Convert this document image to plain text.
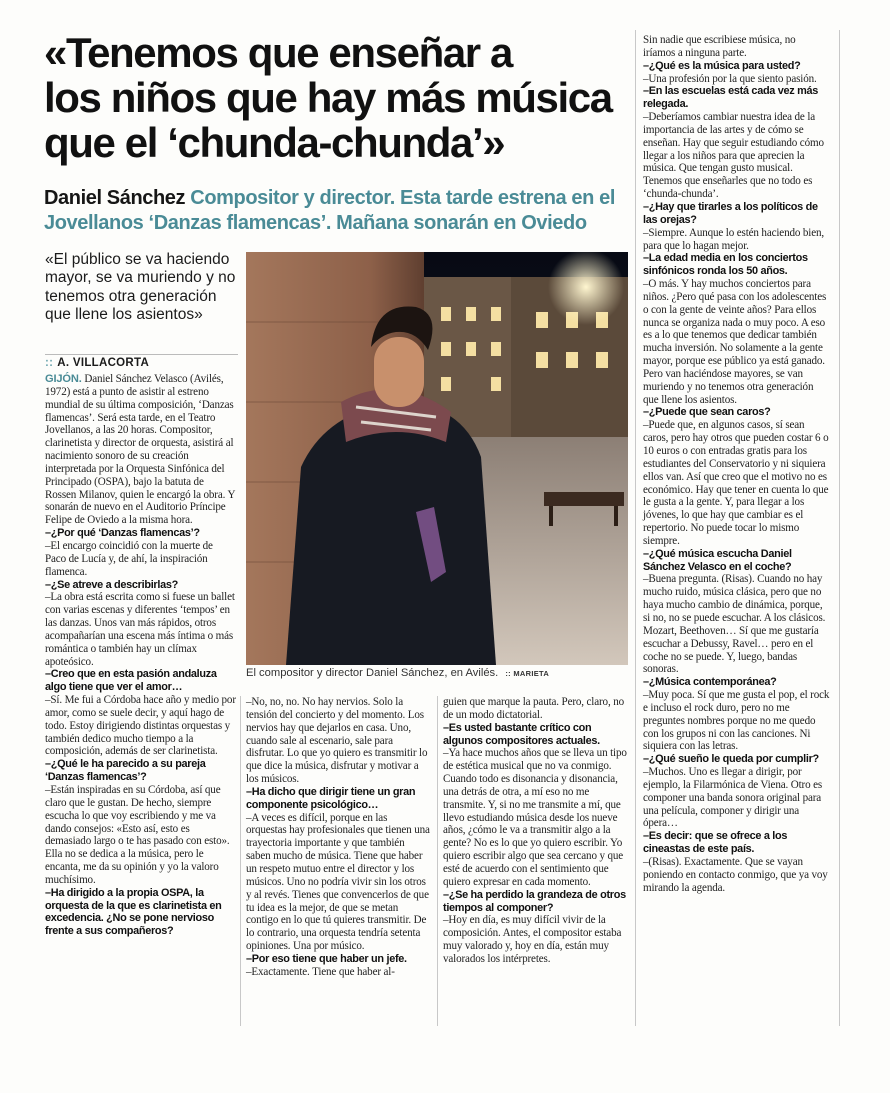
«Tenemos que enseñar a
los niños que hay más música
que el ‘chunda-chunda’»
Daniel Sánchez Compositor y director. Esta tarde estrena en el Jovellanos ‘Danzas flamencas’. Mañana sonarán en Oviedo
«El público se va haciendo mayor, se va muriendo y no tenemos otra generación que llene los asientos»
:: A. VILLACORTA
GIJÓN. Daniel Sánchez Velasco (Avilés, 1972) está a punto de asistir al estreno mundial de su última composición, ‘Danzas flamencas’. Será esta tarde, en el Teatro Jovellanos, a las 20 horas. Compositor, clarinetista y director de orquesta, asistirá al nacimiento sonoro de su creación interpretada por la Orquesta Sinfónica del Principado (OSPA), bajo la batuta de Rossen Milanov, quien le encargó la obra. Y sonarán de nuevo en el Auditorio Príncipe Felipe de Oviedo a la misma hora.
–¿Por qué ‘Danzas flamencas’?
–El encargo coincidió con la muerte de Paco de Lucía y, de ahí, la inspiración flamenca.
–¿Se atreve a describirlas?
–La obra está escrita como si fuese un ballet con varias escenas y diferentes ‘tempos’ en las danzas. Unos van más rápidos, otros acompañarían una escena más íntima o más romántica o también hay un clímax apoteósico.
–Creo que en esta pasión andaluza algo tiene que ver el amor…
–Sí. Me fui a Córdoba hace año y medio por amor, como se suele decir, y aquí hago de todo. Estoy dirigiendo distintas orquestas y también dedico mucho tiempo a la composición, además de ser clarinetista.
–¿Qué le ha parecido a su pareja ‘Danzas flamencas’?
–Están inspiradas en su Córdoba, así que claro que le gustan. De hecho, siempre escucha lo que voy escribiendo y me va dando consejos: «Esto así, esto es demasiado largo o te has pasado con esto». Ella no se dedica a la música, pero le encanta, me da su opinión y yo la valoro muchísimo.
–Ha dirigido a la propia OSPA, la orquesta de la que es clarinetista en excedencia. ¿No se pone nervioso frente a sus compañeros?
El compositor y director Daniel Sánchez, en Avilés. :: MARIETA
–No, no, no. No hay nervios. Solo la tensión del concierto y del momento. Los nervios hay que dejarlos en casa. Uno, cuando sale al escenario, sale para disfrutar. Lo que yo quiero es transmitir lo que dice la música, disfrutar y motivar a los músicos.
–Ha dicho que dirigir tiene un gran componente psicológico…
–A veces es difícil, porque en las orquestas hay profesionales que tienen una trayectoria importante y que también saben mucho de música. Tiene que haber un respeto mutuo entre el director y los músicos. Uno no podría vivir sin los otros y al revés. Tienes que convencerlos de que tu idea es la mejor, de que se metan contigo en lo que tú quieres transmitir. De lo contrario, una orquesta tendría setenta opiniones. Una por músico.
–Por eso tiene que haber un jefe.
–Exactamente. Tiene que haber al-
guien que marque la pauta. Pero, claro, no de un modo dictatorial.
–Es usted bastante crítico con algunos compositores actuales.
–Ya hace muchos años que se lleva un tipo de estética musical que no va conmigo. Cuando todo es disonancia y disonancia, una detrás de otra, a mí eso no me transmite. Y, si no me transmite a mí, que llevo estudiando música desde los nueve años, ¿cómo le va a transmitir algo a la gente? No es lo que yo quiero escribir. Yo quiero escribir algo que sea cercano y que esté de acuerdo con el sentimiento que quiero expresar en cada momento.
–¿Se ha perdido la grandeza de otros tiempos al componer?
–Hoy en día, es muy difícil vivir de la composición. Antes, el compositor estaba muy valorado y, hoy en día, están muy valorados los intérpretes.
Sin nadie que escribiese música, no iríamos a ninguna parte.
–¿Qué es la música para usted?
–Una profesión por la que siento pasión.
–En las escuelas está cada vez más relegada.
–Deberíamos cambiar nuestra idea de la importancia de las artes y de cómo se enseñan. Hay que seguir estudiando cómo llegar a los niños para que aprecien la música. Que tengan gusto musical. Tenemos que enseñarles que no todo es ‘chunda-chunda’.
–¿Hay que tirarles a los políticos de las orejas?
–Siempre. Aunque lo estén haciendo bien, para que lo hagan mejor.
–La edad media en los conciertos sinfónicos ronda los 50 años.
–O más. Y hay muchos conciertos para niños. ¿Pero qué pasa con los adolescentes o con la gente de veinte años? Para ellos nunca se organiza nada o muy poco. A eso es a lo que tenemos que dedicar también mucha inversión. No solamente a la gente mayor, porque ese público ya está ganado. Pero van haciéndose mayores, se van muriendo y no tenemos otra generación que llene los asientos.
–¿Puede que sean caros?
–Puede que, en algunos casos, sí sean caros, pero hay otros que pueden costar 6 o 10 euros o con entradas gratis para los estudiantes del Conservatorio y ni siquiera ellos van. Así que creo que el motivo no es económico. Hay que tener en cuenta lo que le gusta a la gente. Y, para llegar a los jóvenes, lo que hay que cambiar es el repertorio. No puede tocar lo mismo siempre.
–¿Qué música escucha Daniel Sánchez Velasco en el coche?
–Buena pregunta. (Risas). Cuando no hay mucho ruido, música clásica, pero que no haya mucho cambio de dinámica, porque, si no, no se puede escuchar. A los clásicos. Mozart, Beethoven… Sí que me gustaría escuchar a Debussy, Ravel… pero en el coche no se puede. Y, luego, bandas sonoras.
–¿Música contemporánea?
–Muy poca. Sí que me gusta el pop, el rock e incluso el rock duro, pero no me preguntes nombres porque no me quedo con los grupos ni con las canciones. Ni siquiera con las letras.
–¿Qué sueño le queda por cumplir?
–Muchos. Uno es llegar a dirigir, por ejemplo, la Filarmónica de Viena. Otro es componer una banda sonora original para una película, componer y dirigir una ópera…
–Es decir: que se ofrece a los cineastas de este país.
–(Risas). Exactamente. Que se vayan poniendo en contacto conmigo, que ya voy mirando la agenda.
